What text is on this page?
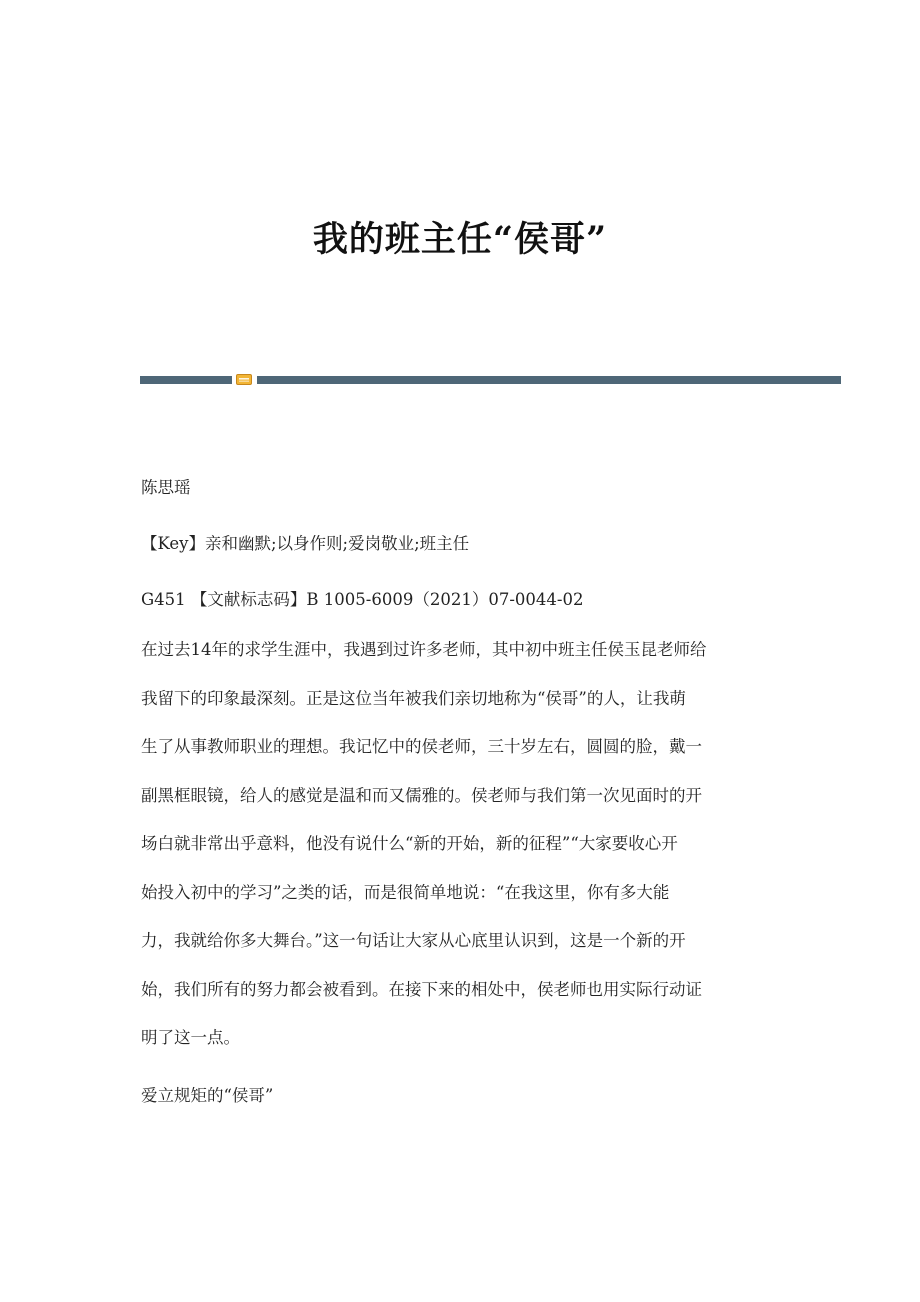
我的班主任“侯哥”

陈思瑶

【Key】亲和幽默;以身作则;爱岗敬业;班主任

G451 【文献标志码】B 1005-6009（2021）07-0044-02

在过去14年的求学生涯中，我遇到过许多老师，其中初中班主任侯玉昆老师给
我留下的印象最深刻。正是这位当年被我们亲切地称为“侯哥”的人，让我萌
生了从事教师职业的理想。我记忆中的侯老师，三十岁左右，圆圆的脸，戴一
副黑框眼镜，给人的感觉是温和而又儒雅的。侯老师与我们第一次见面时的开
场白就非常出乎意料，他没有说什么“新的开始，新的征程”“大家要收心开
始投入初中的学习”之类的话，而是很简单地说：“在我这里，你有多大能
力，我就给你多大舞台。”这一句话让大家从心底里认识到，这是一个新的开
始，我们所有的努力都会被看到。在接下来的相处中，侯老师也用实际行动证
明了这一点。

爱立规矩的“侯哥”
